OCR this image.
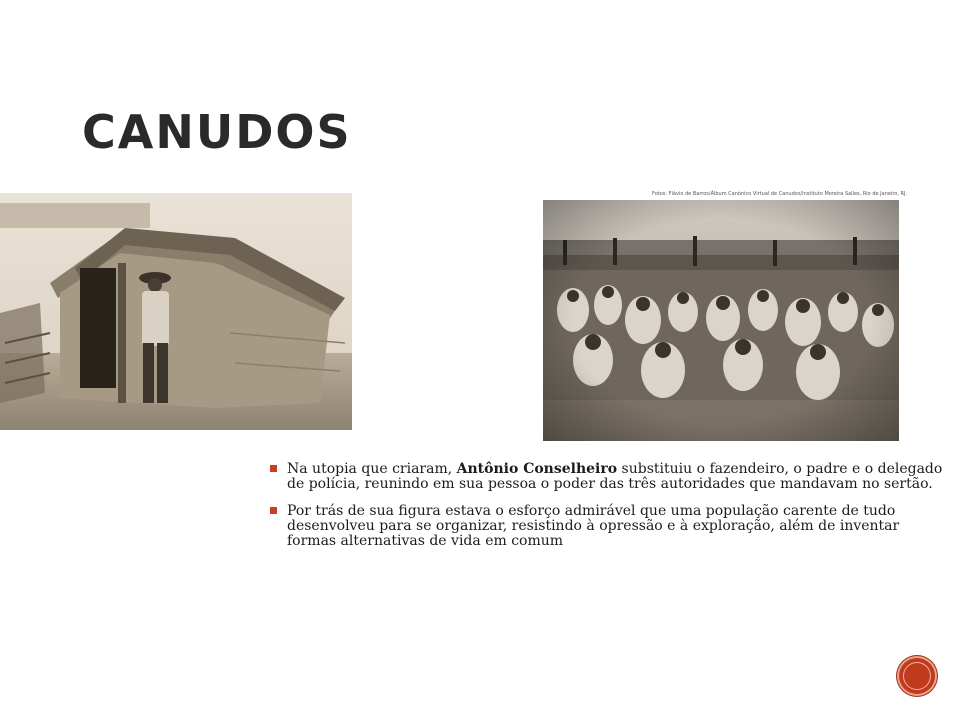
CANUDOS
Fotos: Flávio de Barros/Álbum Canônico Virtual de Canudos/Instituto Moreira Salles, Rio de Janeiro, RJ.
Na utopia que criaram, Antônio Conselheiro substituiu o fazendeiro, o padre e o delegado de polícia, reunindo em sua pessoa o poder das três autoridades que mandavam no sertão.
Por trás de sua figura estava o esforço admirável que uma população carente de tudo desenvolveu para se organizar, resistindo à opressão e à exploração, além de inventar formas alternativas de vida em comum
